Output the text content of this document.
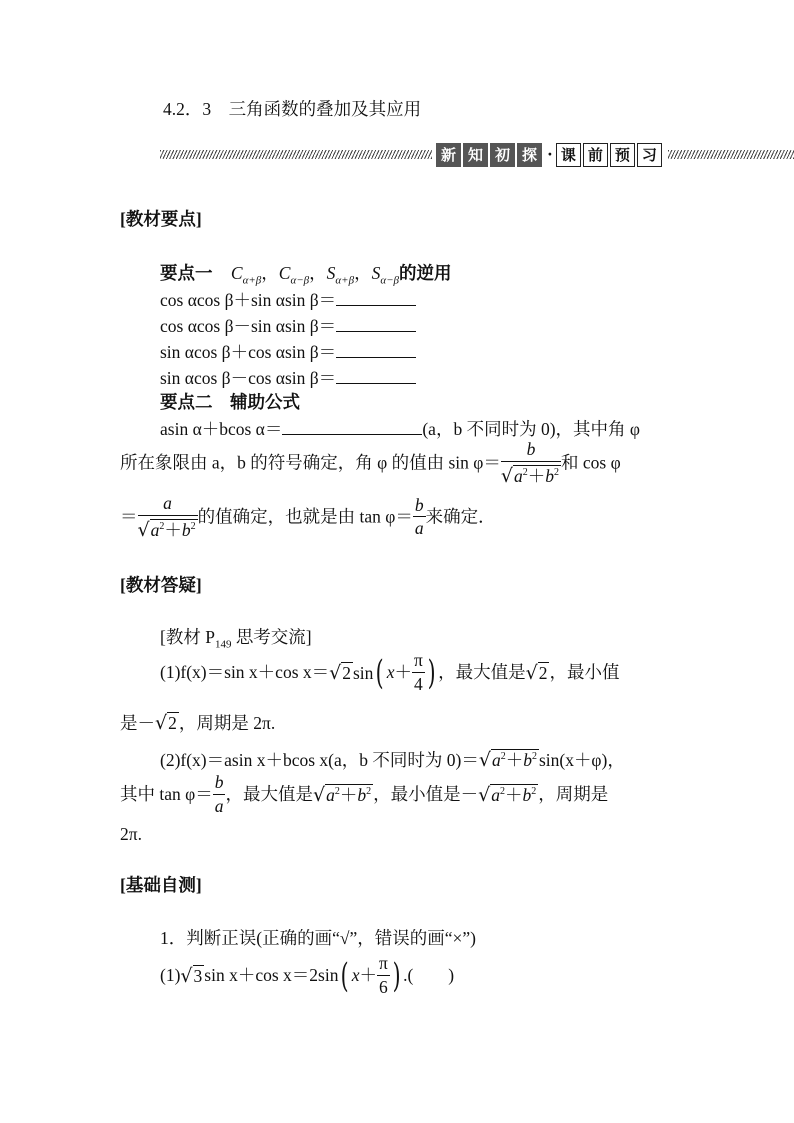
4.2．3　三角函数的叠加及其应用
新 知 初 探 · 课 前 预 习
[教材要点]
要点一 $C_{\alpha+\beta}$，$C_{\alpha-\beta}$，$S_{\alpha+\beta}$，$S_{\alpha-\beta}$的逆用
cos αcos β＋sin αsin β＝
cos αcos β－sin αsin β＝
sin αcos β＋cos αsin β＝
sin αcos β－cos αsin β＝
要点二　辅助公式
asin α＋bcos α＝	(a，b 不同时为 0)，其中角 φ
所在象限由 a，b 的符号确定，角 φ 的值由 $\sin \varphi= \frac{b}{√a^2+b^2}$ 和 cos φ
＝ $\frac{a}{√a^2+b^2}$ 的值确定，也就是由 $\tan \varphi= \frac{b}{a}$ 来确定．
[教材答疑]
[教材 $P_{149}$ 思考交流]
(1)f(x)＝sin x＋cos x＝√2 sin( $x+ \frac{\pi}{4}$ ) ，最大值是√2 ，最小值
是－√2 ，周期是 2π.
(2)f(x)＝asin x＋bcos x(a，b 不同时为 $0)=√a^2+b^2$ sin(x＋φ)，
其中 $\tan \varphi= \frac{b}{a}$ ，最大值是$√a^2+b^2$ ，最小值是$-√a^2+b^2$ ，周期是
2π.
[基础自测]
1．判断正误(正确的画“√”，错误的画“×”)
(1)√3 sin x＋cos x＝2sin( $x+ \frac{\pi}{6}$ ) .(　　)
